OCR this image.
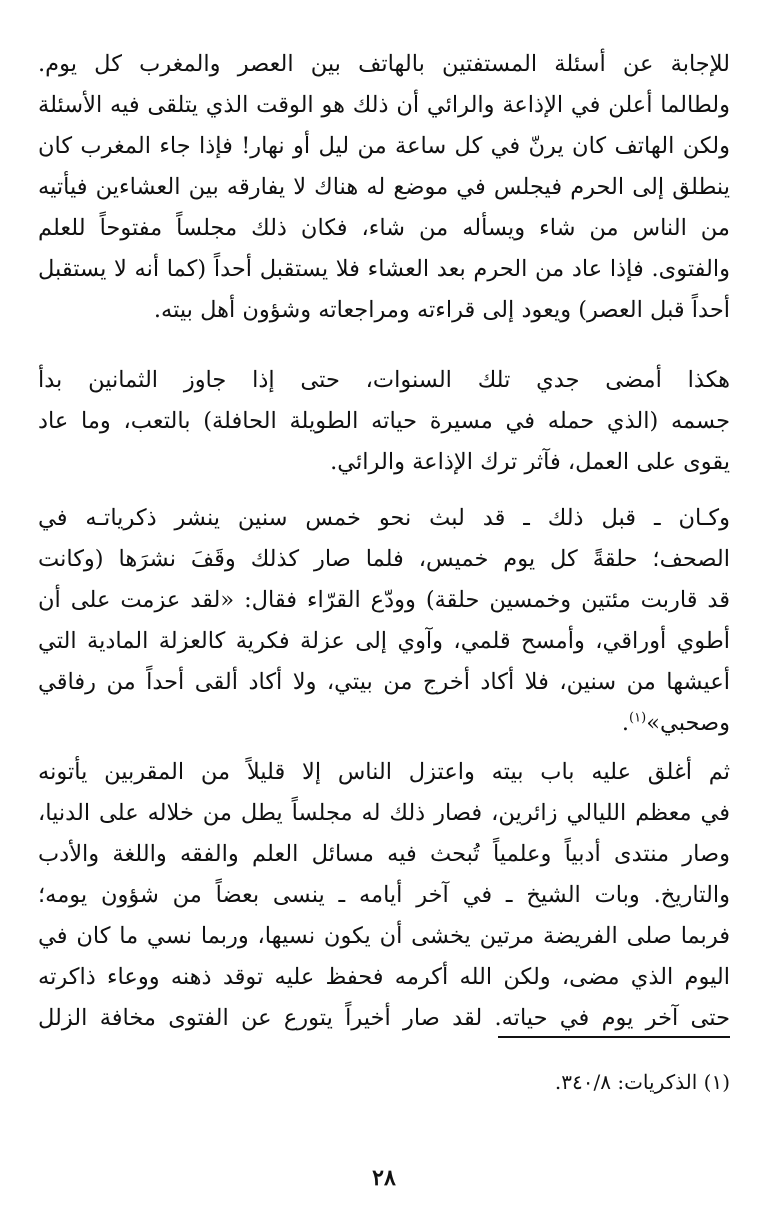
للإجابة عن أسئلة المستفتين بالهاتف بين العصر والمغرب كل يوم.
ولطالما أعلن في الإذاعة والرائي أن ذلك هو الوقت الذي يتلقى فيه الأسئلة
ولكن الهاتف كان يرنّ في كل ساعة من ليل أو نهار! فإذا جاء المغرب كان
ينطلق إلى الحرم فيجلس في موضع له هناك لا يفارقه بين العشاءين فيأتيه
من الناس من شاء ويسأله من شاء، فكان ذلك مجلساً مفتوحاً للعلم
والفتوى. فإذا عاد من الحرم بعد العشاء فلا يستقبل أحداً (كما أنه لا يستقبل
أحداً قبل العصر) ويعود إلى قراءته ومراجعاته وشؤون أهل بيته.
هكذا أمضى جدي تلك السنوات، حتى إذا جاوز الثمانين بدأ
جسمه (الذي حمله في مسيرة حياته الطويلة الحافلة) بالتعب، وما عاد
يقوى على العمل، فآثر ترك الإذاعة والرائي.
وكـان ـ قبل ذلك ـ قد لبث نحو خمس سنين ينشر ذكرياتـه في
الصحف؛ حلقةً كل يوم خميس، فلما صار كذلك وقَفَ نشرَها (وكانت
قد قاربت مئتين وخمسين حلقة) وودّع القرّاء فقال: «لقد عزمت على أن
أطوي أوراقي، وأمسح قلمي، وآوي إلى عزلة فكرية كالعزلة المادية التي
أعيشها من سنين، فلا أكاد أخرج من بيتي، ولا أكاد ألقى أحداً من رفاقي
وصحبي»$^{(١)}$.
ثم أغلق عليه باب بيته واعتزل الناس إلا قليلاً من المقربين يأتونه
في معظم الليالي زائرين، فصار ذلك له مجلساً يطل من خلاله على الدنيا،
وصار منتدى أدبياً وعلمياً تُبحث فيه مسائل العلم والفقه واللغة والأدب
والتاريخ. وبات الشيخ ـ في آخر أيامه ـ ينسى بعضاً من شؤون يومه؛
فربما صلى الفريضة مرتين يخشى أن يكون نسيها، وربما نسي ما كان في
اليوم الذي مضى، ولكن الله أكرمه فحفظ عليه توقد ذهنه ووعاء ذاكرته
حتى آخر يوم في حياته. لقد صار أخيراً يتورع عن الفتوى مخافة الزلل
(١) الذكريات: ٣٤٠/٨.
٢٨
